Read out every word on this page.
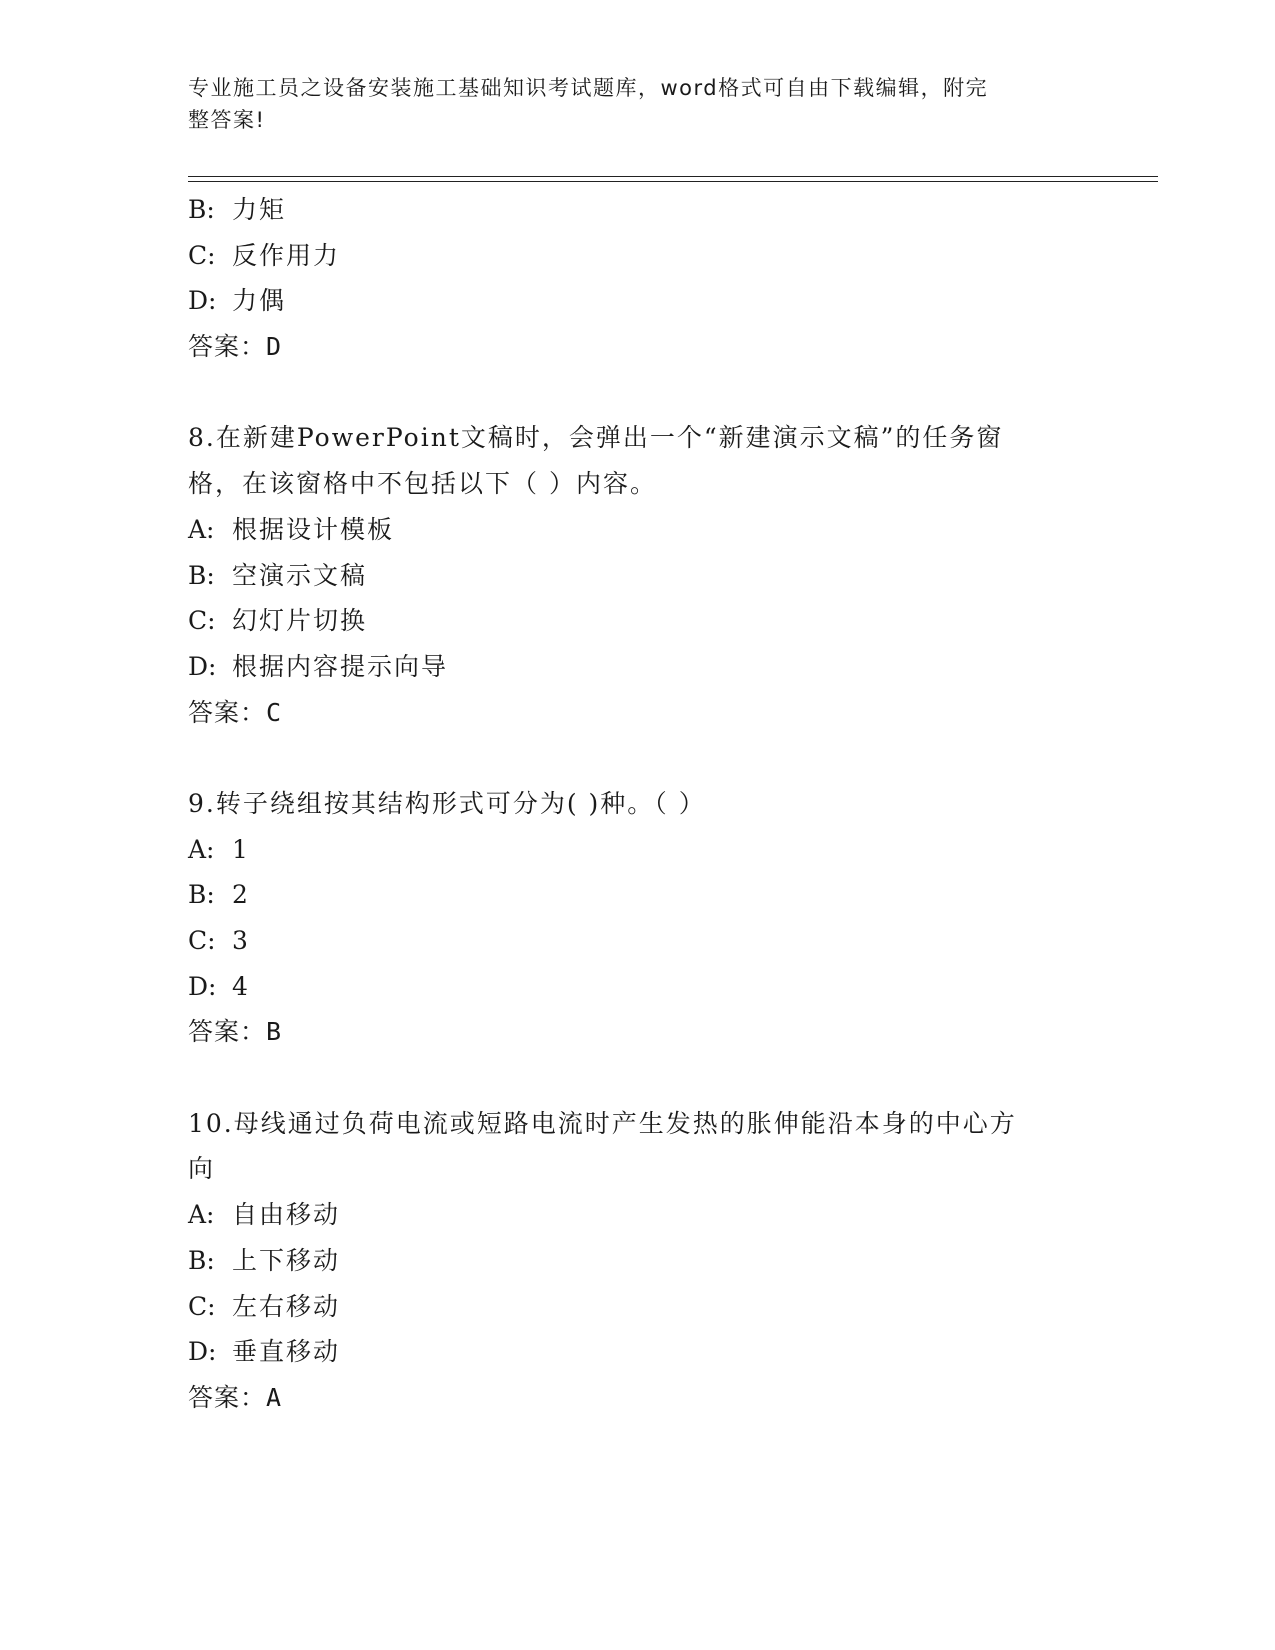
专业施工员之设备安装施工基础知识考试题库，word格式可自由下载编辑，附完
整答案!
B: 力矩
C: 反作用力
D: 力偶
答案：D
8.在新建PowerPoint文稿时，会弹出一个“新建演示文稿”的任务窗
格，在该窗格中不包括以下（ ）内容。
A: 根据设计模板
B: 空演示文稿
C: 幻灯片切换
D: 根据内容提示向导
答案：C
9.转子绕组按其结构形式可分为( )种。（ ）
A: 1
B: 2
C: 3
D: 4
答案：B
10.母线通过负荷电流或短路电流时产生发热的胀伸能沿本身的中心方
向
A: 自由移动
B: 上下移动
C: 左右移动
D: 垂直移动
答案：A
